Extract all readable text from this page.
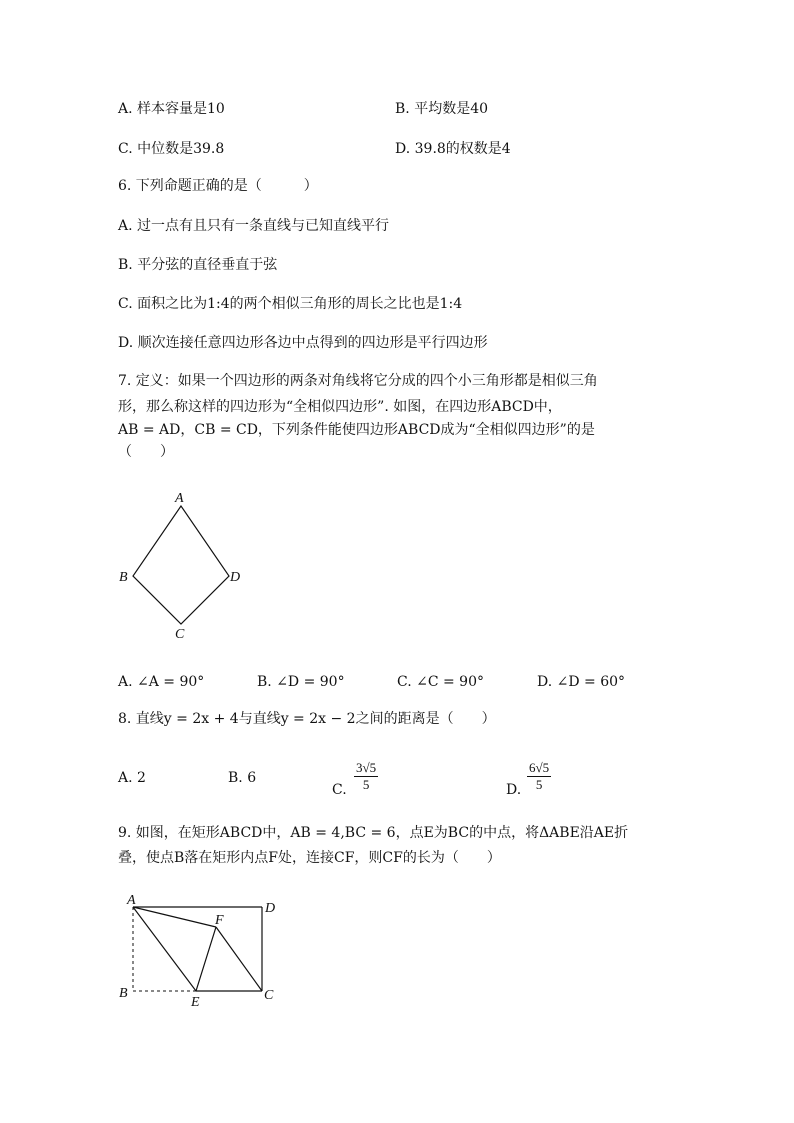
A. 样本容量是10	B. 平均数是40
C. 中位数是39.8	D. 39.8的权数是4
6. 下列命题正确的是（　　　）
A. 过一点有且只有一条直线与已知直线平行
B. 平分弦的直径垂直于弦
C. 面积之比为1:4的两个相似三角形的周长之比也是1:4
D. 顺次连接任意四边形各边中点得到的四边形是平行四边形
7. 定义：如果一个四边形的两条对角线将它分成的四个小三角形都是相似三角
形，那么称这样的四边形为“全相似四边形”. 如图，在四边形ABCD中，
AB = AD，CB = CD，下列条件能使四边形ABCD成为“全相似四边形”的是
（　　）
A
B
C
D
A. ∠A = 90°	B. ∠D = 90°	C. ∠C = 90°	D. ∠D = 60°
8. 直线y = 2x + 4与直线y = 2x − 2之间的距离是（　　）
A. 2	B. 6
C. $\frac{3√5}{5}$	D. $\frac{6√5}{5}$
9. 如图，在矩形ABCD中，AB = 4,BC = 6，点E为BC的中点，将ΔABE沿AE折
叠，使点B落在矩形内点F处，连接CF，则CF的长为（　　）
A
B	C
D
E
F
